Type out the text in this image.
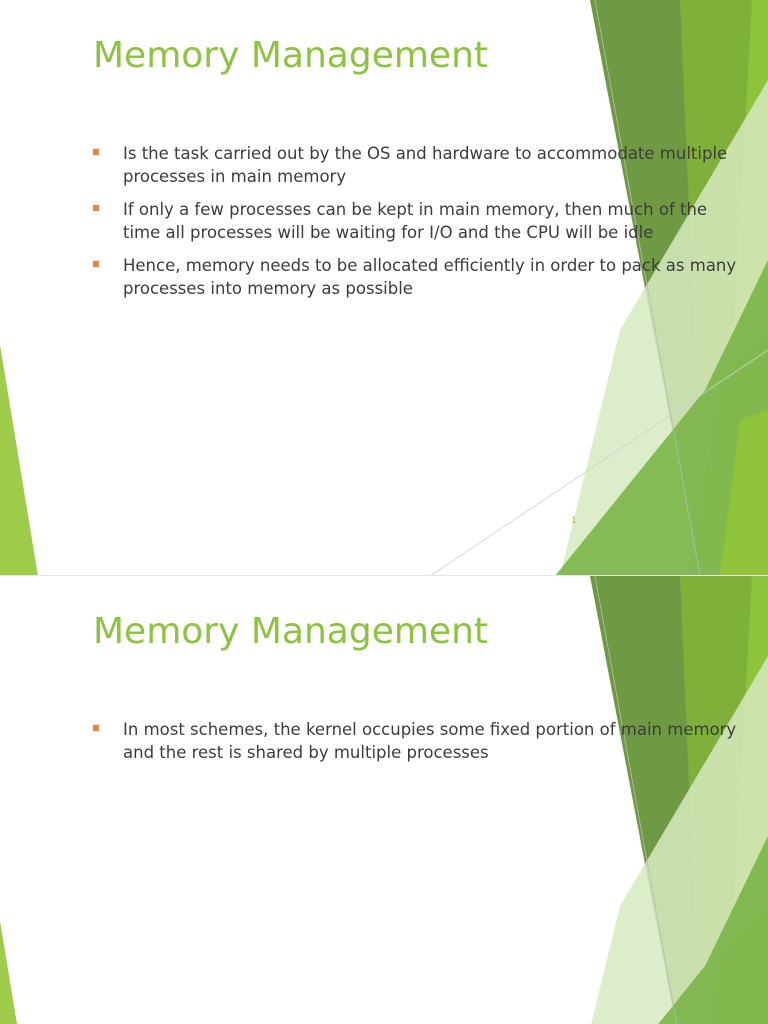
Memory Management
Is the task carried out by the OS and hardware to accommodate multiple processes in main memory
If only a few processes can be kept in main memory, then much of the time all processes will be waiting for I/O and the CPU will be idle
Hence, memory needs to be allocated efficiently in order to pack as many processes into memory as possible
1
Memory Management
In most schemes, the kernel occupies some fixed portion of main memory and the rest is shared by multiple processes
